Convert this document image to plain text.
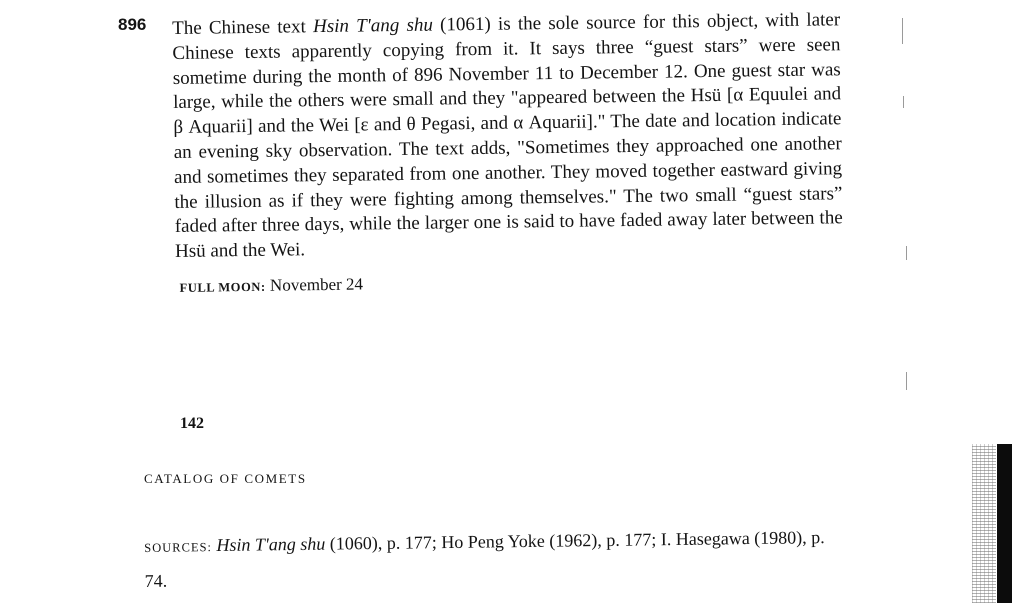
896 The Chinese text Hsin T'ang shu (1061) is the sole source for this object, with later Chinese texts apparently copying from it. It says three “guest stars” were seen sometime during the month of 896 November 11 to December 12. One guest star was large, while the others were small and they "appeared between the Hsü [α Equulei and β Aquarii] and the Wei [ε and θ Pegasi, and α Aquarii]." The date and location indicate an evening sky observation. The text adds, "Sometimes they approached one another and sometimes they separated from one another. They moved together eastward giving the illusion as if they were fighting among themselves." The two small “guest stars” faded after three days, while the larger one is said to have faded away later between the Hsü and the Wei.

FULL MOON: November 24

142

CATALOG OF COMETS

SOURCES: Hsin T'ang shu (1060), p. 177; Ho Peng Yoke (1962), p. 177; I. Hasegawa (1980), p. 74.
